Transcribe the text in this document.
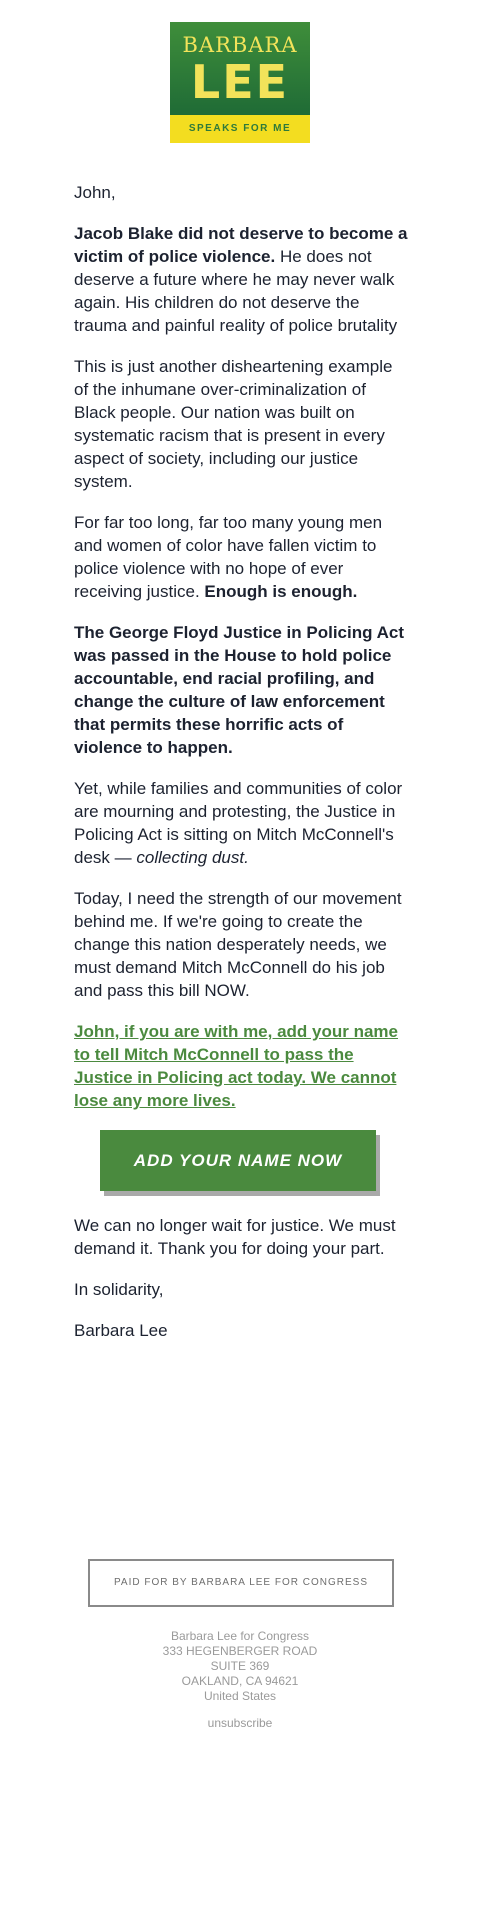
BARBARA
LEE
SPEAKS FOR ME

John,

Jacob Blake did not deserve to become a victim of police violence. He does not deserve a future where he may never walk again. His children do not deserve the trauma and painful reality of police brutality

This is just another disheartening example of the inhumane over-criminalization of Black people. Our nation was built on systematic racism that is present in every aspect of society, including our justice system.

For far too long, far too many young men and women of color have fallen victim to police violence with no hope of ever receiving justice. Enough is enough.

The George Floyd Justice in Policing Act was passed in the House to hold police accountable, end racial profiling, and change the culture of law enforcement that permits these horrific acts of violence to happen.

Yet, while families and communities of color are mourning and protesting, the Justice in Policing Act is sitting on Mitch McConnell's desk — collecting dust.

Today, I need the strength of our movement behind me. If we're going to create the change this nation desperately needs, we must demand Mitch McConnell do his job and pass this bill NOW.

John, if you are with me, add your name to tell Mitch McConnell to pass the Justice in Policing act today. We cannot lose any more lives.

ADD YOUR NAME NOW

We can no longer wait for justice. We must demand it. Thank you for doing your part.

In solidarity,

Barbara Lee

PAID FOR BY BARBARA LEE FOR CONGRESS
Barbara Lee for Congress
333 HEGENBERGER ROAD
SUITE 369
OAKLAND, CA 94621
United States
unsubscribe
